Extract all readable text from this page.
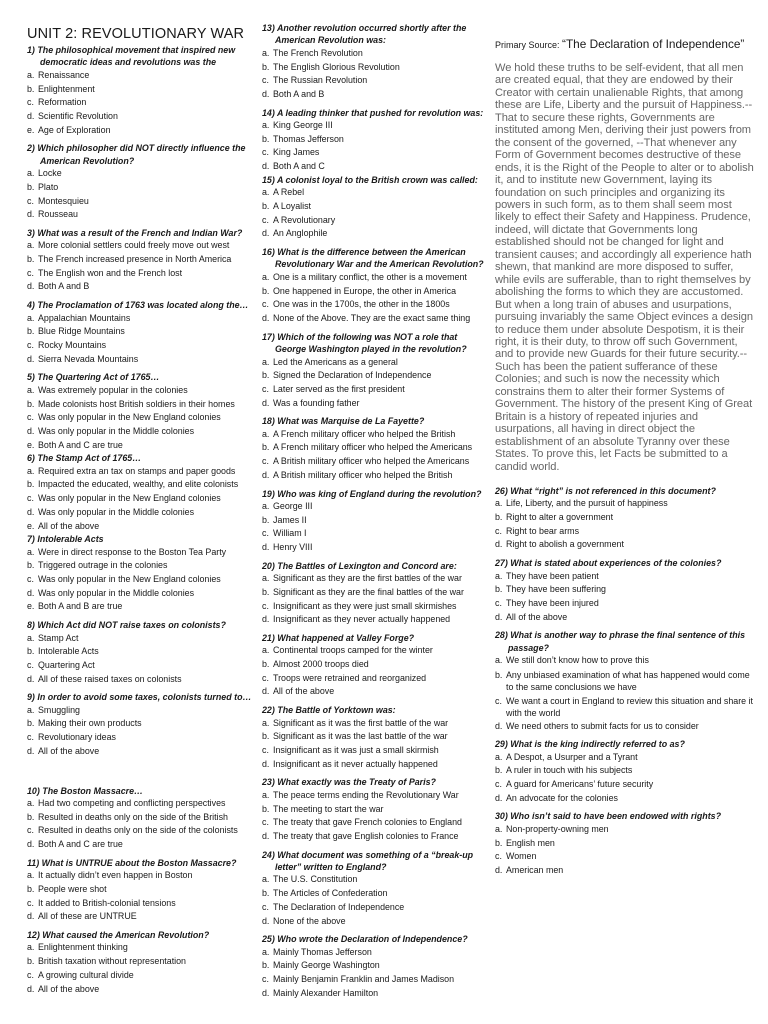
UNIT 2: REVOLUTIONARY WAR
1) The philosophical movement that inspired new democratic ideas and revolutions was the
a. Renaissance
b. Enlightenment
c. Reformation
d. Scientific Revolution
e. Age of Exploration
2) Which philosopher did NOT directly influence the American Revolution?
a. Locke
b. Plato
c. Montesquieu
d. Rousseau
3) What was a result of the French and Indian War?
a. More colonial settlers could freely move out west
b. The French increased presence in North America
c. The English won and the French lost
d. Both A and B
4) The Proclamation of 1763 was located along the…
a. Appalachian Mountains
b. Blue Ridge Mountains
c. Rocky Mountains
d. Sierra Nevada Mountains
5) The Quartering Act of 1765…
a. Was extremely popular in the colonies
b. Made colonists host British soldiers in their homes
c. Was only popular in the New England colonies
d. Was only popular in the Middle colonies
e. Both A and C are true
6) The Stamp Act of 1765…
a. Required extra an tax on stamps and paper goods
b. Impacted the educated, wealthy, and elite colonists
c. Was only popular in the New England colonies
d. Was only popular in the Middle colonies
e. All of the above
7) Intolerable Acts
a. Were in direct response to the Boston Tea Party
b. Triggered outrage in the colonies
c. Was only popular in the New England colonies
d. Was only popular in the Middle colonies
e. Both A and B are true
8) Which Act did NOT raise taxes on colonists?
a. Stamp Act
b. Intolerable Acts
c. Quartering Act
d. All of these raised taxes on colonists
9) In order to avoid some taxes, colonists turned to…
a. Smuggling
b. Making their own products
c. Revolutionary ideas
d. All of the above
10) The Boston Massacre…
a. Had two competing and conflicting perspectives
b. Resulted in deaths only on the side of the British
c. Resulted in deaths only on the side of the colonists
d. Both A and C are true
11) What is UNTRUE about the Boston Massacre?
a. It actually didn’t even happen in Boston
b. People were shot
c. It added to British-colonial tensions
d. All of these are UNTRUE
12) What caused the American Revolution?
a. Enlightenment thinking
b. British taxation without representation
c. A growing cultural divide
d. All of the above
13) Another revolution occurred shortly after the American Revolution was:
a. The French Revolution
b. The English Glorious Revolution
c. The Russian Revolution
d. Both A and B
14) A leading thinker that pushed for revolution was:
a. King George III
b. Thomas Jefferson
c. King James
d. Both A and C
15) A colonist loyal to the British crown was called:
a. A Rebel
b. A Loyalist
c. A Revolutionary
d. An Anglophile
16) What is the difference between the American Revolutionary War and the American Revolution?
a. One is a military conflict, the other is a movement
b. One happened in Europe, the other in America
c. One was in the 1700s, the other in the 1800s
d. None of the Above. They are the exact same thing
17) Which of the following was NOT a role that George Washington played in the revolution?
a. Led the Americans as a general
b. Signed the Declaration of Independence
c. Later served as the first president
d. Was a founding father
18) What was Marquise de La Fayette?
a. A French military officer who helped the British
b. A French military officer who helped the Americans
c. A British military officer who helped the Americans
d. A British military officer who helped the British
19) Who was king of England during the revolution?
a. George III
b. James II
c. William I
d. Henry VIII
20) The Battles of Lexington and Concord are:
a. Significant as they are the first battles of the war
b. Significant as they are the final battles of the war
c. Insignificant as they were just small skirmishes
d. Insignificant as they never actually happened
21) What happened at Valley Forge?
a. Continental troops camped for the winter
b. Almost 2000 troops died
c. Troops were retrained and reorganized
d. All of the above
22) The Battle of Yorktown was:
a. Significant as it was the first battle of the war
b. Significant as it was the last battle of the war
c. Insignificant as it was just a small skirmish
d. Insignificant as it never actually happened
23) What exactly was the Treaty of Paris?
a. The peace terms ending the Revolutionary War
b. The meeting to start the war
c. The treaty that gave French colonies to England
d. The treaty that gave English colonies to France
24) What document was something of a “break-up letter” written to England?
a. The U.S. Constitution
b. The Articles of Confederation
c. The Declaration of Independence
d. None of the above
25) Who wrote the Declaration of Independence?
a. Mainly Thomas Jefferson
b. Mainly George Washington
c. Mainly Benjamin Franklin and James Madison
d. Mainly Alexander Hamilton
Primary Source: “The Declaration of Independence”
We hold these truths to be self-evident, that all men are created equal, that they are endowed by their Creator with certain unalienable Rights, that among these are Life, Liberty and the pursuit of Happiness.--That to secure these rights, Governments are instituted among Men, deriving their just powers from the consent of the governed, --That whenever any Form of Government becomes destructive of these ends, it is the Right of the People to alter or to abolish it, and to institute new Government, laying its foundation on such principles and organizing its powers in such form, as to them shall seem most likely to effect their Safety and Happiness. Prudence, indeed, will dictate that Governments long established should not be changed for light and transient causes; and accordingly all experience hath shewn, that mankind are more disposed to suffer, while evils are sufferable, than to right themselves by abolishing the forms to which they are accustomed. But when a long train of abuses and usurpations, pursuing invariably the same Object evinces a design to reduce them under absolute Despotism, it is their right, it is their duty, to throw off such Government, and to provide new Guards for their future security.--Such has been the patient sufferance of these Colonies; and such is now the necessity which constrains them to alter their former Systems of Government. The history of the present King of Great Britain is a history of repeated injuries and usurpations, all having in direct object the establishment of an absolute Tyranny over these States. To prove this, let Facts be submitted to a candid world.
26) What “right” is not referenced in this document?
a. Life, Liberty, and the pursuit of happiness
b. Right to alter a government
c. Right to bear arms
d. Right to abolish a government
27) What is stated about experiences of the colonies?
a. They have been patient
b. They have been suffering
c. They have been injured
d. All of the above
28) What is another way to phrase the final sentence of this passage?
a. We still don’t know how to prove this
b. Any unbiased examination of what has happened would come to the same conclusions we have
c. We want a court in England to review this situation and share it with the world
d. We need others to submit facts for us to consider
29) What is the king indirectly referred to as?
a. A Despot, a Usurper and a Tyrant
b. A ruler in touch with his subjects
c. A guard for Americans’ future security
d. An advocate for the colonies
30) Who isn’t said to have been endowed with rights?
a. Non-property-owning men
b. English men
c. Women
d. American men
